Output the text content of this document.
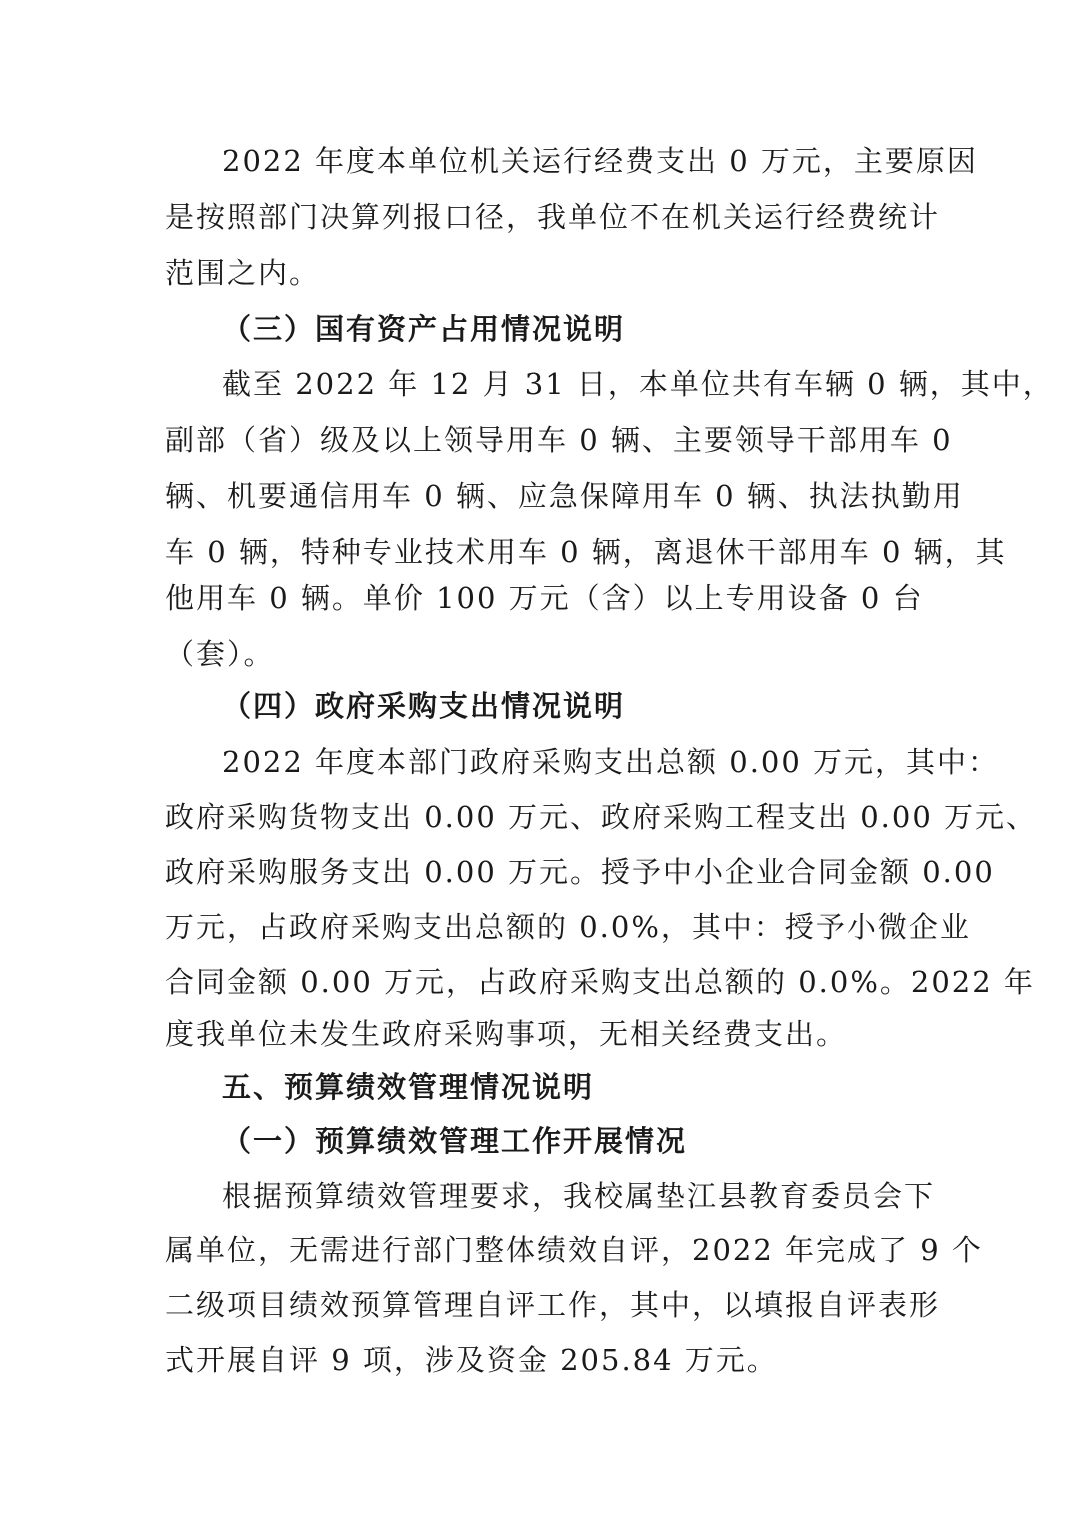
2022 年度本单位机关运行经费支出 0 万元，主要原因
是按照部门决算列报口径，我单位不在机关运行经费统计
范围之内。
（三）国有资产占用情况说明
截至 2022 年 12 月 31 日，本单位共有车辆 0 辆，其中，
副部（省）级及以上领导用车 0 辆、主要领导干部用车 0
辆、机要通信用车 0 辆、应急保障用车 0 辆、执法执勤用
车 0 辆，特种专业技术用车 0 辆，离退休干部用车 0 辆，其
他用车 0 辆。单价 100 万元（含）以上专用设备 0 台
（套）。
（四）政府采购支出情况说明
2022 年度本部门政府采购支出总额 0.00 万元，其中：
政府采购货物支出 0.00 万元、政府采购工程支出 0.00 万元、
政府采购服务支出 0.00 万元。授予中小企业合同金额 0.00
万元，占政府采购支出总额的 0.0%，其中：授予小微企业
合同金额 0.00 万元，占政府采购支出总额的 0.0%。2022 年
度我单位未发生政府采购事项，无相关经费支出。
五、预算绩效管理情况说明
（一）预算绩效管理工作开展情况
根据预算绩效管理要求，我校属垫江县教育委员会下
属单位，无需进行部门整体绩效自评，2022 年完成了 9 个
二级项目绩效预算管理自评工作，其中，以填报自评表形
式开展自评 9 项，涉及资金 205.84 万元。
